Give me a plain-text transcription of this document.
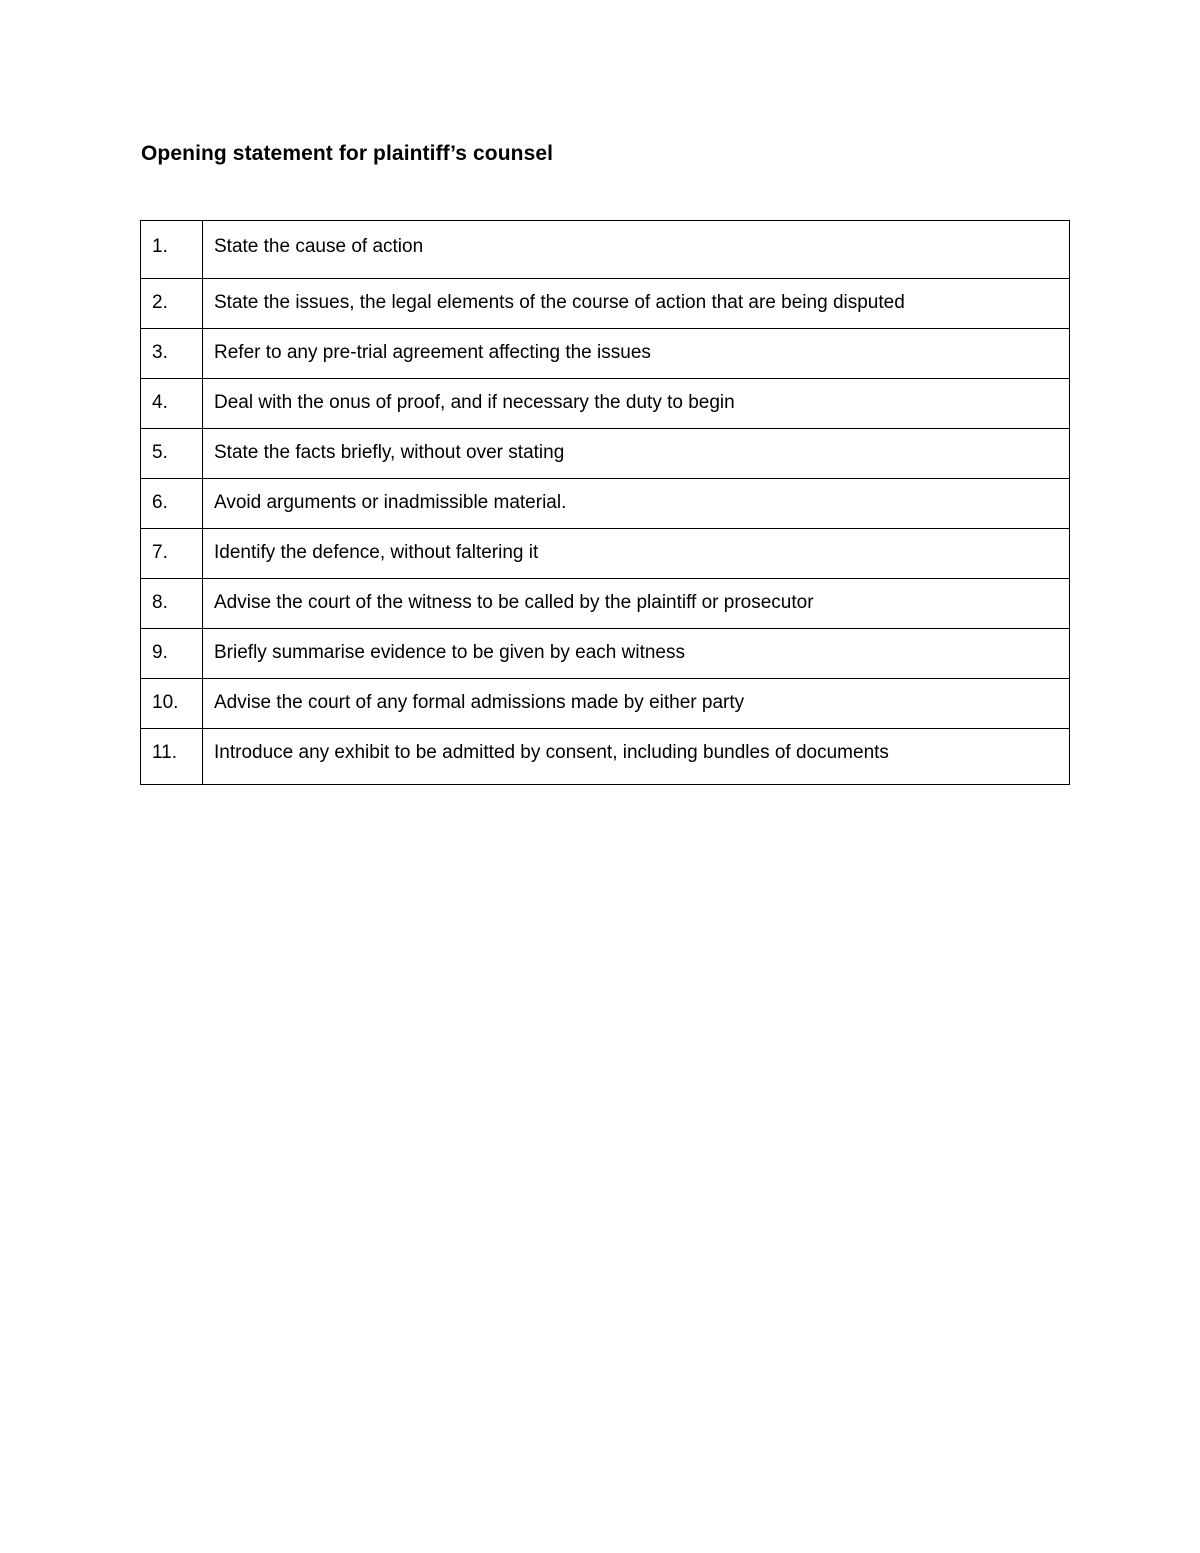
Opening statement for plaintiff’s counsel
1.	State the cause of action
2.	State the issues, the legal elements of the course of action that are being disputed
3.	Refer to any pre-trial agreement affecting the issues
4.	Deal with the onus of proof, and if necessary the duty to begin
5.	State the facts briefly, without over stating
6.	Avoid arguments or inadmissible material.
7.	Identify the defence, without faltering it
8.	Advise the court of the witness to be called by the plaintiff or prosecutor
9.	Briefly summarise evidence to be given by each witness
10.	Advise the court of any formal admissions made by either party
11.	Introduce any exhibit to be admitted by consent, including bundles of documents
